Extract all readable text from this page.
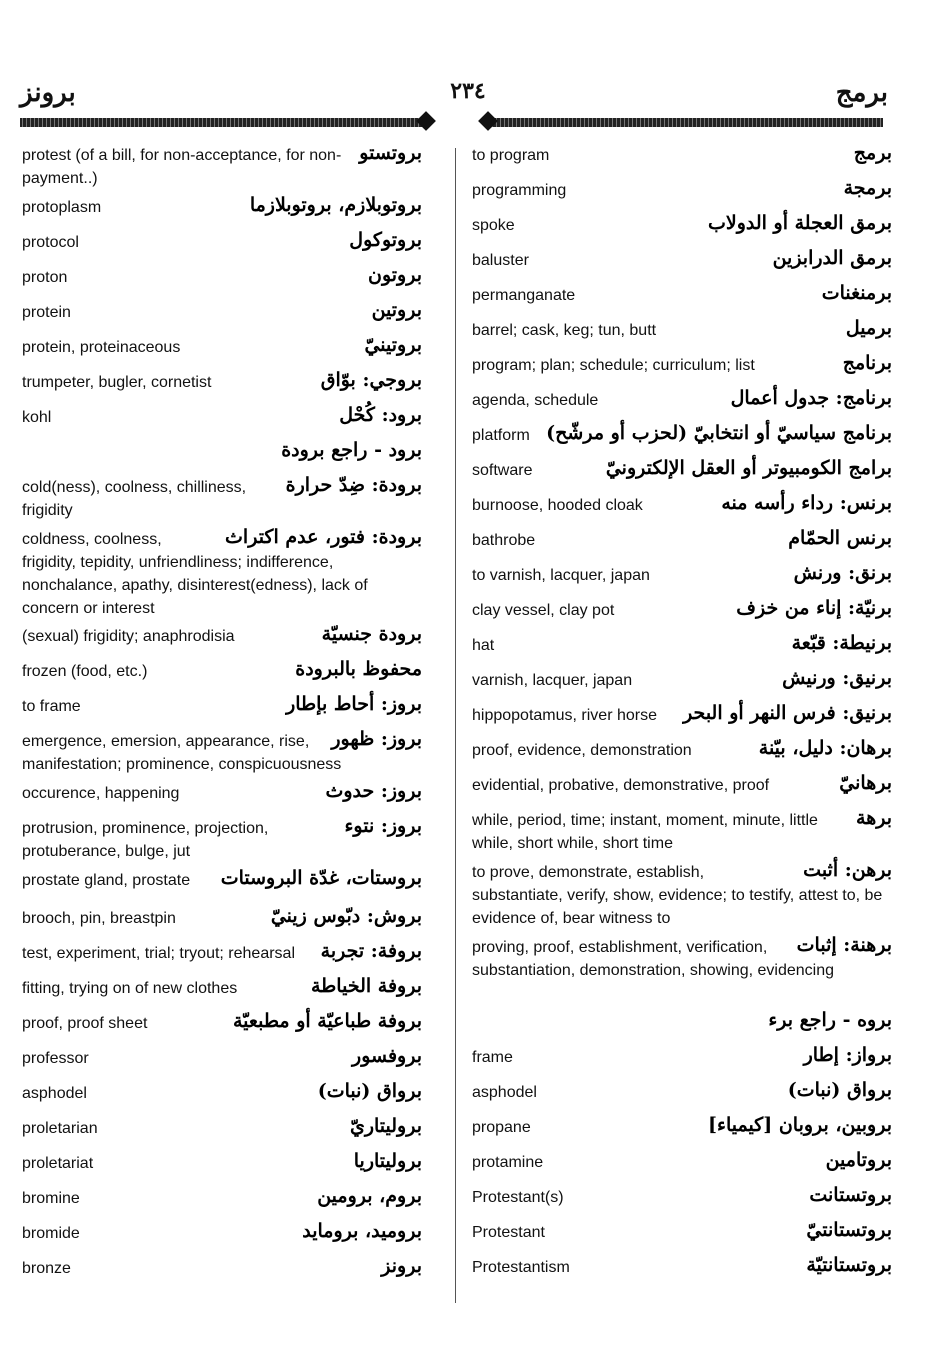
برونز	٢٣٤	برمج
بروتستو
protest (of a bill, for non-acceptance, for non-payment..)
بروتوبلازم، بروتوبلازما
protoplasm
بروتوكول
protocol
بروتون
proton
بروتين
protein
بروتينيّ
protein, proteinaceous
بروجي: بوّاق
trumpeter, bugler, cornetist
برود: كُحْل
kohl
برود - راجع برودة
برودة: ضِدّ حرارة
cold(ness), coolness, chilliness, frigidity
برودة: فتور، عدم اكتراث
coldness, coolness, frigidity, tepidity, unfriendliness; indifference, nonchalance, apathy, disinterest(edness), lack of concern or interest
برودة جنسيّة
(sexual) frigidity; anaphrodisia
محفوظ بالبرودة
frozen (food, etc.)
بروز: أحاط بإطار
to frame
بروز: ظهور
emergence, emersion, appearance, rise, manifestation; prominence, conspicuousness
بروز: حدوث
occurence, happening
بروز: نتوء
protrusion, prominence, projection, protuberance, bulge, jut
بروستات، غدّة البروستات
prostate gland, prostate
بروش: دبّوس زينيّ
brooch, pin, breastpin
بروفة: تجربة
test, experiment, trial; tryout; rehearsal
بروفة الخياطة
fitting, trying on of new clothes
بروفة طباعيّة أو مطبعيّة
proof, proof sheet
بروفسور
professor
برواق (نبات)
asphodel
بروليتاريّ
proletarian
بروليتاريا
proletariat
بروم، برومين
bromine
بروميد، برومايد
bromide
برونز
bronze
برمج
to program
برمجة
programming
برمق العجلة أو الدولاب
spoke
برمق الدرابزين
baluster
برمنغنات
permanganate
برميل
barrel; cask, keg; tun, butt
برنامج
program; plan; schedule; curriculum; list
برنامج: جدول أعمال
agenda, schedule
برنامج سياسيّ أو انتخابيّ (لحزب أو مرشّح)
platform
برامج الكومبيوتر أو العقل الإلكترونيّ
software
برنس: رداء رأسه منه
burnoose, hooded cloak
برنس الحمّام
bathrobe
برنق: ورنش
to varnish, lacquer, japan
برنيّة: إناء من خزف
clay vessel, clay pot
برنيطة: قبّعة
hat
برنيق: ورنيش
varnish, lacquer, japan
برنيق: فرس النهر أو البحر
hippopotamus, river horse
برهان: دليل، بيّنة
proof, evidence, demonstration
برهانيّ
evidential, probative, demonstrative, proof
برهة
while, period, time; instant, moment, minute, little while, short while, short time
برهن: أثبت
to prove, demonstrate, establish, substantiate, verify, show, evidence; to testify, attest to, be evidence of, bear witness to
برهنة: إثبات
proving, proof, establishment, verification, substantiation, demonstration, showing, evidencing
بروه - راجع برء
برواز: إطار
frame
برواق (نبات)
asphodel
بروبين، بروبان [كيمياء]
propane
بروتامين
protamine
بروتستانت
Protestant(s)
بروتستانتيّ
Protestant
بروتستانتيّة
Protestantism
